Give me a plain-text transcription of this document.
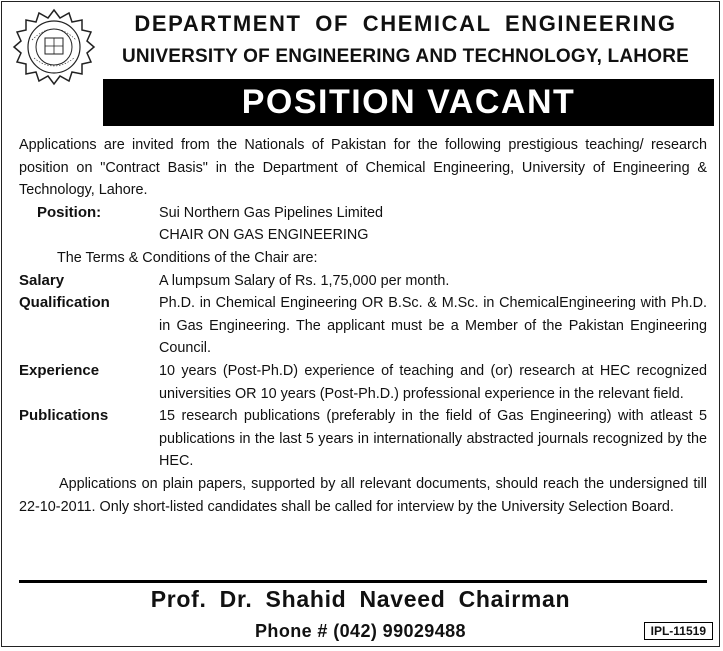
DEPARTMENT OF CHEMICAL ENGINEERING
UNIVERSITY OF ENGINEERING AND TECHNOLOGY, LAHORE
POSITION VACANT

Applications are invited from the Nationals of Pakistan for the following prestigious teaching/ research position on "Contract Basis" in the Department of Chemical Engineering, University of Engineering & Technology, Lahore.

Position:	Sui Northern Gas Pipelines Limited
CHAIR ON GAS ENGINEERING
The Terms & Conditions of the Chair are:
Salary	A lumpsum Salary of Rs. 1,75,000 per month.
Qualification	Ph.D. in Chemical Engineering OR B.Sc. & M.Sc. in ChemicalEngineering with Ph.D. in Gas Engineering. The applicant must be a Member of the Pakistan Engineering Council.
Experience	10 years (Post-Ph.D) experience of teaching and (or) research at HEC recognized universities OR 10 years (Post-Ph.D.) professional experience in the relevant field.
Publications	15 research publications (preferably in the field of Gas Engineering) with atleast 5 publications in the last 5 years in internationally abstracted journals recognized by the HEC.

Applications on plain papers, supported by all relevant documents, should reach the undersigned till 22-10-2011. Only short-listed candidates shall be called for interview by the University Selection Board.

Prof. Dr. Shahid Naveed Chairman
Phone # (042) 99029488	IPL-11519
